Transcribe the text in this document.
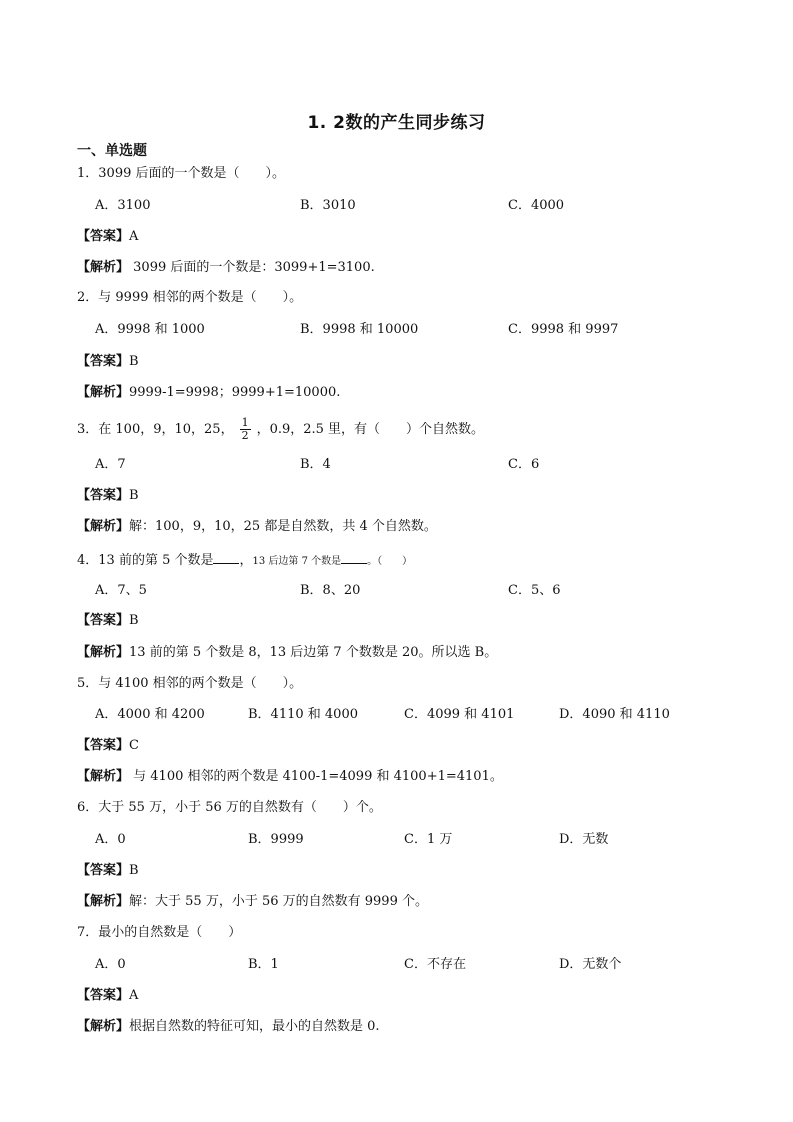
1. 2数的产生同步练习
一、单选题
1．3099 后面的一个数是（　　）。
A．3100	B．3010	C．4000
【答案】A
【解析】 3099 后面的一个数是：3099+1=3100.
2．与 9999 相邻的两个数是（　　）。
A．9998 和 1000	B．9998 和 10000	C．9998 和 9997
【答案】B
【解析】9999-1=9998；9999+1=10000.
3．在 100，9，10，25， $\frac{1}{2}$ ，0.9，2.5 里，有（　　）个自然数。
A．7	B．4	C．6
【答案】B
【解析】解：100，9，10，25 都是自然数，共 4 个自然数。
4．13 前的第 5 个数是 ，13 后边第 7 个数是	。（　　）
A．7、5	B．8、20	C．5、6
【答案】B
【解析】13 前的第 5 个数是 8，13 后边第 7 个数数是 20。所以选 B。
5．与 4100 相邻的两个数是（　　）。
A．4000 和 4200	B．4110 和 4000	C．4099 和 4101	D．4090 和 4110
【答案】C
【解析】 与 4100 相邻的两个数是 4100-1=4099 和 4100+1=4101。
6．大于 55 万，小于 56 万的自然数有（　　）个。
A．0	B．9999	C．1 万	D．无数
【答案】B
【解析】解：大于 55 万，小于 56 万的自然数有 9999 个。
7．最小的自然数是（　　）
A．0	B．1	C．不存在	D．无数个
【答案】A
【解析】根据自然数的特征可知，最小的自然数是 0.
